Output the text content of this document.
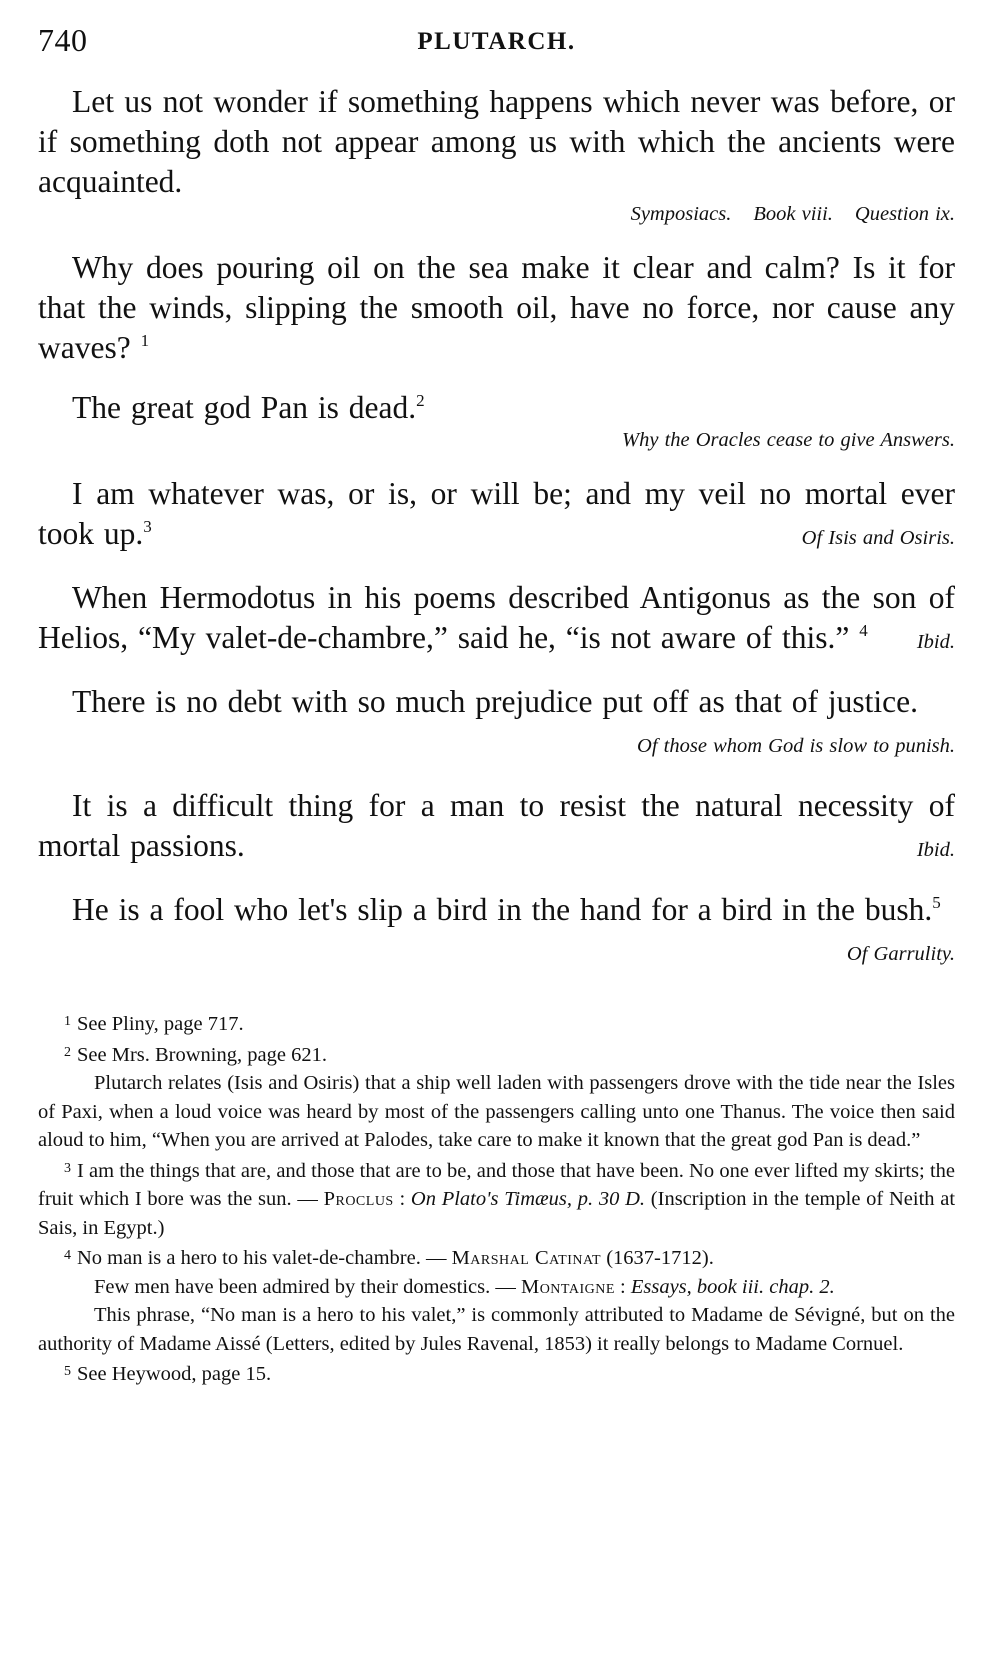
740	PLUTARCH.

Let us not wonder if something happens which never was before, or if something doth not appear among us with which the ancients were acquainted.

Symposiacs. Book viii. Question ix.

Why does pouring oil on the sea make it clear and calm? Is it for that the winds, slipping the smooth oil, have no force, nor cause any waves? $^1$

The great god Pan is dead.$^2$

Why the Oracles cease to give Answers.

I am whatever was, or is, or will be; and my veil no mortal ever took up.$^3$
Of Isis and Osiris.

When Hermodotus in his poems described Antigonus as the son of Helios, “My valet-de-chambre,” said he, “is not aware of this.” $^4$
Ibid.

There is no debt with so much prejudice put off as that of justice.
Of those whom God is slow to punish.

It is a difficult thing for a man to resist the natural necessity of mortal passions.	Ibid.

He is a fool who let's slip a bird in the hand for a bird in the bush.$^5$
Of Garrulity.

$^1$ See Pliny, page 717.

$^2$ See Mrs. Browning, page 621.

Plutarch relates (Isis and Osiris) that a ship well laden with passengers drove with the tide near the Isles of Paxi, when a loud voice was heard by most of the passengers calling unto one Thanus. The voice then said aloud to him, “When you are arrived at Palodes, take care to make it known that the great god Pan is dead.”

$^3$ I am the things that are, and those that are to be, and those that have been. No one ever lifted my skirts; the fruit which I bore was the sun. — Proclus : On Plato's Timæus, p. 30 D. (Inscription in the temple of Neith at Sais, in Egypt.)

$^4$ No man is a hero to his valet-de-chambre. — Marshal Catinat (1637-1712).

Few men have been admired by their domestics. — Montaigne : Essays, book iii. chap. 2.

This phrase, “No man is a hero to his valet,” is commonly attributed to Madame de Sévigné, but on the authority of Madame Aissé (Letters, edited by Jules Ravenal, 1853) it really belongs to Madame Cornuel.

$^5$ See Heywood, page 15.
